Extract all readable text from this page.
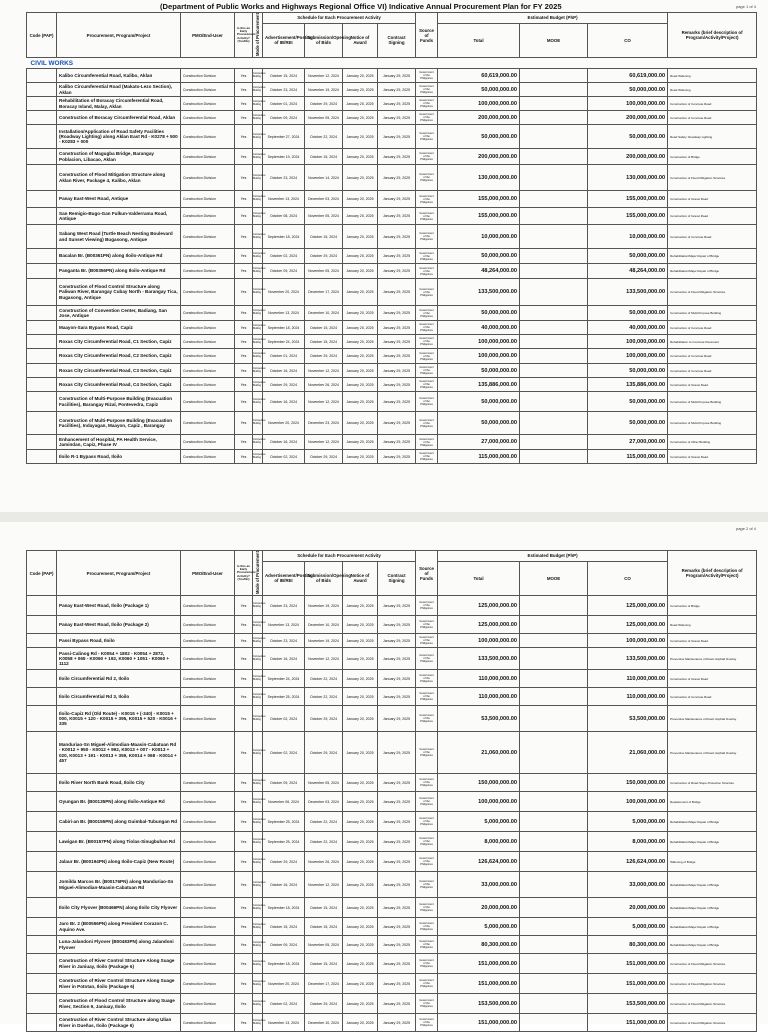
(Department of Public Works and Highways Regional Office VI) Indicative Annual Procurement Plan for FY 2025	page 1 of 4
Code (PAP)	Procurement, Program/Project	PMO/End-User	Is this an Early Procurement Activity? (Yes/No)	Mode of Procurement	Schedule for Each Procurement Activity				Source of Funds	Estimated Budget (PhP)			Remarks (brief description of Program/Activity/Project)
					Advertisement/Posting of IB/REI	Submission/Opening of Bids	Notice of Award	Contract Signing		Total	MOOE	CO	
CIVIL WORKS													
	Kalibo Circumferential Road, Kalibo, Aklan	Construction Division	Yes	Competitive Bidding	October 15, 2024	November 12, 2024	January 20, 2025	January 29, 2025	Government of the Philippines	60,619,000.00		60,619,000.00	Road Widening
	Kalibo Circumferential Road (Makato-Lezo Section), Aklan	Construction Division	Yes	Competitive Bidding	October 23, 2024	November 19, 2024	January 20, 2025	January 29, 2025	Government of the Philippines	50,000,000.00		50,000,000.00	Road Widening
	Rehabilitation of Boracay Circumferential Road, Boracay Island, Malay, Aklan	Construction Division	Yes	Competitive Bidding	October 01, 2024	October 29, 2024	January 20, 2025	January 29, 2025	Government of the Philippines	100,000,000.00		100,000,000.00	Construction of Concrete Road
	Construction of Boracay Circumferential Road, Aklan	Construction Division	Yes	Competitive Bidding	October 09, 2024	November 05, 2024	January 20, 2025	January 29, 2025	Government of the Philippines	200,000,000.00		200,000,000.00	Construction of Concrete Road
	Installation/Application of Road Safety Facilities (Roadway Lighting) along Aklan East Rd - K0278 + 500 - K0283 + 000	Construction Division	Yes	Competitive Bidding	September 27, 2024	October 22, 2024	January 20, 2025	January 29, 2025	Government of the Philippines	50,000,000.00		50,000,000.00	Road Safety: Roadway Lighting
	Construction of Magugba Bridge, Barangay Poblacion, Libacao, Aklan	Construction Division	Yes	Competitive Bidding	September 19, 2024	October 15, 2024	January 20, 2025	January 29, 2025	Government of the Philippines	200,000,000.00		200,000,000.00	Construction of Bridge
	Construction of Flood Mitigation Structure along Aklan River, Package 4, Kalibo, Aklan	Construction Division	Yes	Competitive Bidding	October 23, 2024	November 14, 2024	January 20, 2025	January 29, 2025	Government of the Philippines	130,000,000.00		130,000,000.00	Construction of Flood Mitigation Structure
	Panay East-West Road, Antique	Construction Division	Yes	Competitive Bidding	November 13, 2024	December 03, 2024	January 20, 2025	January 29, 2025	Government of the Philippines	155,000,000.00		155,000,000.00	Construction of Gravel Road
	San Remigio-Bugo-Gan Fulkun-Valderrama Road, Antique	Construction Division	Yes	Competitive Bidding	October 08, 2024	November 05, 2024	January 20, 2025	January 29, 2025	Government of the Philippines	155,000,000.00		155,000,000.00	Construction of Gravel Road
	Sabang West Road (Turtle Beach Nesting Boulevard and Sunset Viewing) Bugasong, Antique	Construction Division	Yes	Competitive Bidding	September 18, 2024	October 15, 2024	January 20, 2025	January 29, 2025	Government of the Philippines	10,000,000.00		10,000,000.00	Construction of Concrete Road
	Bacalan Br. (B00361PN) along Iloilo-Antique Rd	Construction Division	Yes	Competitive Bidding	October 02, 2024	October 29, 2024	January 20, 2025	January 29, 2025	Government of the Philippines	50,000,000.00		50,000,000.00	Rehabilitation/Major Repair of Bridge
	Panganta Br. (B00356PN) along Iloilo-Antique Rd	Construction Division	Yes	Competitive Bidding	October 09, 2024	November 05, 2024	January 20, 2025	January 29, 2025	Government of the Philippines	48,264,000.00		48,264,000.00	Rehabilitation/Major Repair of Bridge
	Construction of Flood Control Structure along Paliwan River, Barangay Cubay North - Barangay Tica, Bugasong, Antique	Construction Division	Yes	Competitive Bidding	November 20, 2024	December 17, 2024	January 20, 2025	January 29, 2025	Government of the Philippines	133,500,000.00		133,500,000.00	Construction of Flood Mitigation Structure
	Construction of Convention Center, Badiang, San Jose, Antique	Construction Division	Yes	Competitive Bidding	November 13, 2024	December 10, 2024	January 20, 2025	January 29, 2025	Government of the Philippines	50,000,000.00		50,000,000.00	Construction of Multi-Purpose Building
	Maayon-Sara Bypass Road, Capiz	Construction Division	Yes	Competitive Bidding	September 18, 2024	October 15, 2024	January 20, 2025	January 29, 2025	Government of the Philippines	40,000,000.00		40,000,000.00	Construction of Concrete Road
	Roxas City Circumferential Road, C1 Section, Capiz	Construction Division	Yes	Competitive Bidding	September 24, 2024	October 15, 2024	January 20, 2025	January 29, 2025	Government of the Philippines	100,000,000.00		100,000,000.00	Rehabilitation to Concrete Pavement
	Roxas City Circumferential Road, C2 Section, Capiz	Construction Division	Yes	Competitive Bidding	October 01, 2024	October 29, 2024	January 20, 2025	January 29, 2025	Government of the Philippines	100,000,000.00		100,000,000.00	Construction of Concrete Road
	Roxas City Circumferential Road, C3 Section, Capiz	Construction Division	Yes	Competitive Bidding	October 16, 2024	November 12, 2024	January 20, 2025	January 29, 2025	Government of the Philippines	50,000,000.00		50,000,000.00	Construction of Concrete Road
	Roxas City Circumferential Road, C4 Section, Capiz	Construction Division	Yes	Competitive Bidding	October 29, 2024	November 26, 2024	January 20, 2025	January 29, 2025	Government of the Philippines	135,886,000.00		135,886,000.00	Construction of Gravel Road
	Construction of Multi-Purpose Building (Evacuation Facilities), Barangay Rizal, Pontevedra, Capiz	Construction Division	Yes	Competitive Bidding	October 16, 2024	November 12, 2024	January 20, 2025	January 29, 2025	Government of the Philippines	50,000,000.00		50,000,000.00	Construction of Multi-Purpose Building
	Construction of Multi-Purpose Building (Evacuation Facilities), Indayagan, Maayon, Capiz , Barangay	Construction Division	Yes	Competitive Bidding	November 20, 2024	December 23, 2024	January 20, 2025	January 29, 2025	Government of the Philippines	50,000,000.00		50,000,000.00	Construction of Multi-Purpose Building
	Enhancement of Hospital, PA Health Service, Jamindan, Capiz, Phase IV	Construction Division	Yes	Competitive Bidding	October 16, 2024	November 12, 2024	January 20, 2025	January 29, 2025	Government of the Philippines	27,000,000.00		27,000,000.00	Construction of Other Building
	Iloilo R-1 Bypass Road, Iloilo	Construction Division	Yes	Competitive Bidding	October 02, 2024	October 29, 2024	January 20, 2025	January 29, 2025	Government of the Philippines	115,000,000.00		115,000,000.00	Construction of Gravel Road
page 2 of 4
Code (PAP)	Procurement, Program/Project	PMO/End-User	Is this an Early Procurement Activity? (Yes/No)	Mode of Procurement	Schedule for Each Procurement Activity				Source of Funds	Estimated Budget (PhP)			Remarks (brief description of Program/Activity/Project)
					Advertisement/Posting of IB/REI	Submission/Opening of Bids	Notice of Award	Contract Signing		Total	MOOE	CO	
	Panay East-West Road, Iloilo (Package 1)	Construction Division	Yes	Competitive Bidding	October 23, 2024	November 19, 2024	January 20, 2025	January 29, 2025	Government of the Philippines	125,000,000.00		125,000,000.00	Construction of Bridge
	Panay East-West Road, Iloilo (Package 2)	Construction Division	Yes	Competitive Bidding	November 13, 2024	December 10, 2024	January 20, 2025	January 29, 2025	Government of the Philippines	125,000,000.00		125,000,000.00	Road Widening
	Passi Bypass Road, Iloilo	Construction Division	Yes	Competitive Bidding	October 23, 2024	November 19, 2024	January 20, 2025	January 29, 2025	Government of the Philippines	100,000,000.00		100,000,000.00	Construction of Gravel Road
	Passi-Calinog Rd - K0054 + 1802 - K0054 + 2872, K0058 + 065 - K0060 + 192, K0060 + 1051 - K0060 + 1112	Construction Division	Yes	Competitive Bidding	October 16, 2024	November 12, 2024	January 20, 2025	January 29, 2025	Government of the Philippines	133,500,000.00		133,500,000.00	Preventive Maintenance of Road: Asphalt Overlay
	Iloilo Circumferential Rd 2, Iloilo	Construction Division	Yes	Competitive Bidding	September 24, 2024	October 22, 2024	January 20, 2025	January 29, 2025	Government of the Philippines	110,000,000.00		110,000,000.00	Construction of Gravel Road
	Iloilo Circumferential Rd 3, Iloilo	Construction Division	Yes	Competitive Bidding	September 25, 2024	October 22, 2024	January 20, 2025	January 29, 2025	Government of the Philippines	110,000,000.00		110,000,000.00	Construction of Concrete Road
	Iloilo-Capiz Rd (Old Route) - K0015 + (-340) - K0015 + 000, K0015 + 120 - K0015 + 395, K0015 + 520 - K0016 + 335	Construction Division	Yes	Competitive Bidding	October 02, 2024	October 29, 2024	January 20, 2025	January 29, 2025	Government of the Philippines	53,500,000.00		53,500,000.00	Preventive Maintenance of Road: Asphalt Overlay
	Manduriao-Sn Miguel-Alimodian-Maasin-Cabatuan Rd - K0012 + 950 - K0012 + 992, K0013 + 007 - K0013 + 020, K0013 + 191 - K0013 + 359, K0014 + 068 - K0014 + 457	Construction Division	Yes	Competitive Bidding	October 02, 2024	October 29, 2024	January 20, 2025	January 29, 2025	Government of the Philippines	21,060,000.00		21,060,000.00	Preventive Maintenance of Road: Asphalt Overlay
	Iloilo River North Bank Road, Iloilo City	Construction Division	Yes	Competitive Bidding	October 09, 2024	November 05, 2024	January 20, 2025	January 29, 2025	Government of the Philippines	150,000,000.00		150,000,000.00	Construction of Road Slope Protection Structure
	Oyungan Br. (B00135PN) along Iloilo-Antique Rd	Construction Division	Yes	Competitive Bidding	November 06, 2024	December 03, 2024	January 20, 2025	January 29, 2025	Government of the Philippines	100,000,000.00		100,000,000.00	Replacement of Bridge
	Cabiri-an Br. (B00155PN) along Guimbal-Tubungan Rd	Construction Division	Yes	Competitive Bidding	September 25, 2024	October 22, 2024	January 20, 2025	January 29, 2025	Government of the Philippines	5,000,000.00		5,000,000.00	Rehabilitation/Major Repair of Bridge
	Lawigan Br. (B00157PN) along Tiolas-Sinugbuhan Rd	Construction Division	Yes	Competitive Bidding	September 25, 2024	October 22, 2024	January 20, 2025	January 29, 2025	Government of the Philippines	8,000,000.00		8,000,000.00	Rehabilitation/Major Repair of Bridge
	Jalaur Br. (B00194PN) along Iloilo-Capiz (New Route)	Construction Division	Yes	Competitive Bidding	October 29, 2024	November 26, 2024	January 20, 2025	January 29, 2025	Government of the Philippines	126,624,000.00		126,624,000.00	Widening of Bridge
	Jomilda Marcos Br. (B00176PN) along Manduriao-Sn Miguel-Alimodian-Maasin-Cabatuan Rd	Construction Division	Yes	Competitive Bidding	October 16, 2024	November 12, 2024	January 20, 2025	January 29, 2025	Government of the Philippines	33,000,000.00		33,000,000.00	Rehabilitation/Major Repair of Bridge
	Iloilo City Flyover (B00466PN) along Iloilo City Flyover	Construction Division	Yes	Competitive Bidding	September 18, 2024	October 15, 2024	January 20, 2025	January 29, 2025	Government of the Philippines	20,000,000.00		20,000,000.00	Rehabilitation/Major Repair of Bridge
	Jaro Br. 2 (B00556PN) along President Corazon C. Aquino Ave.	Construction Division	Yes	Competitive Bidding	October 15, 2024	October 15, 2024	January 20, 2025	January 29, 2025	Government of the Philippines	5,000,000.00		5,000,000.00	Rehabilitation/Major Repair of Bridge
	Luna-Jalandoni Flyover (B00483PN) along Jalandoni Flyover	Construction Division	Yes	Competitive Bidding	October 09, 2024	November 05, 2024	January 20, 2025	January 29, 2025	Government of the Philippines	80,300,000.00		80,300,000.00	Rehabilitation/Major Repair of Bridge
	Construction of River Control Structure Along Suage River in Janiuay, Iloilo (Package 6)	Construction Division	Yes	Competitive Bidding	September 18, 2024	October 15, 2024	January 20, 2025	January 29, 2025	Government of the Philippines	151,000,000.00		151,000,000.00	Construction of Flood Mitigation Structure
	Construction of River Control Structure Along Suage River in Pototan, Iloilo (Package 6)	Construction Division	Yes	Competitive Bidding	November 20, 2024	December 17, 2024	January 20, 2025	January 29, 2025	Government of the Philippines	151,000,000.00		151,000,000.00	Construction of Flood Mitigation Structure
	Construction of Flood Control Structure along Suage River, Section 9, Janiuay, Iloilo	Construction Division	Yes	Competitive Bidding	October 02, 2024	October 29, 2024	January 20, 2025	January 29, 2025	Government of the Philippines	153,500,000.00		153,500,000.00	Construction of Flood Mitigation Structure
	Construction of River Control Structure along Ulian River in Dueñas, Iloilo (Package 6)	Construction Division	Yes	Competitive Bidding	November 13, 2024	December 10, 2024	January 20, 2025	January 29, 2025	Government of the Philippines	151,000,000.00		151,000,000.00	Construction of Flood Mitigation Structure
